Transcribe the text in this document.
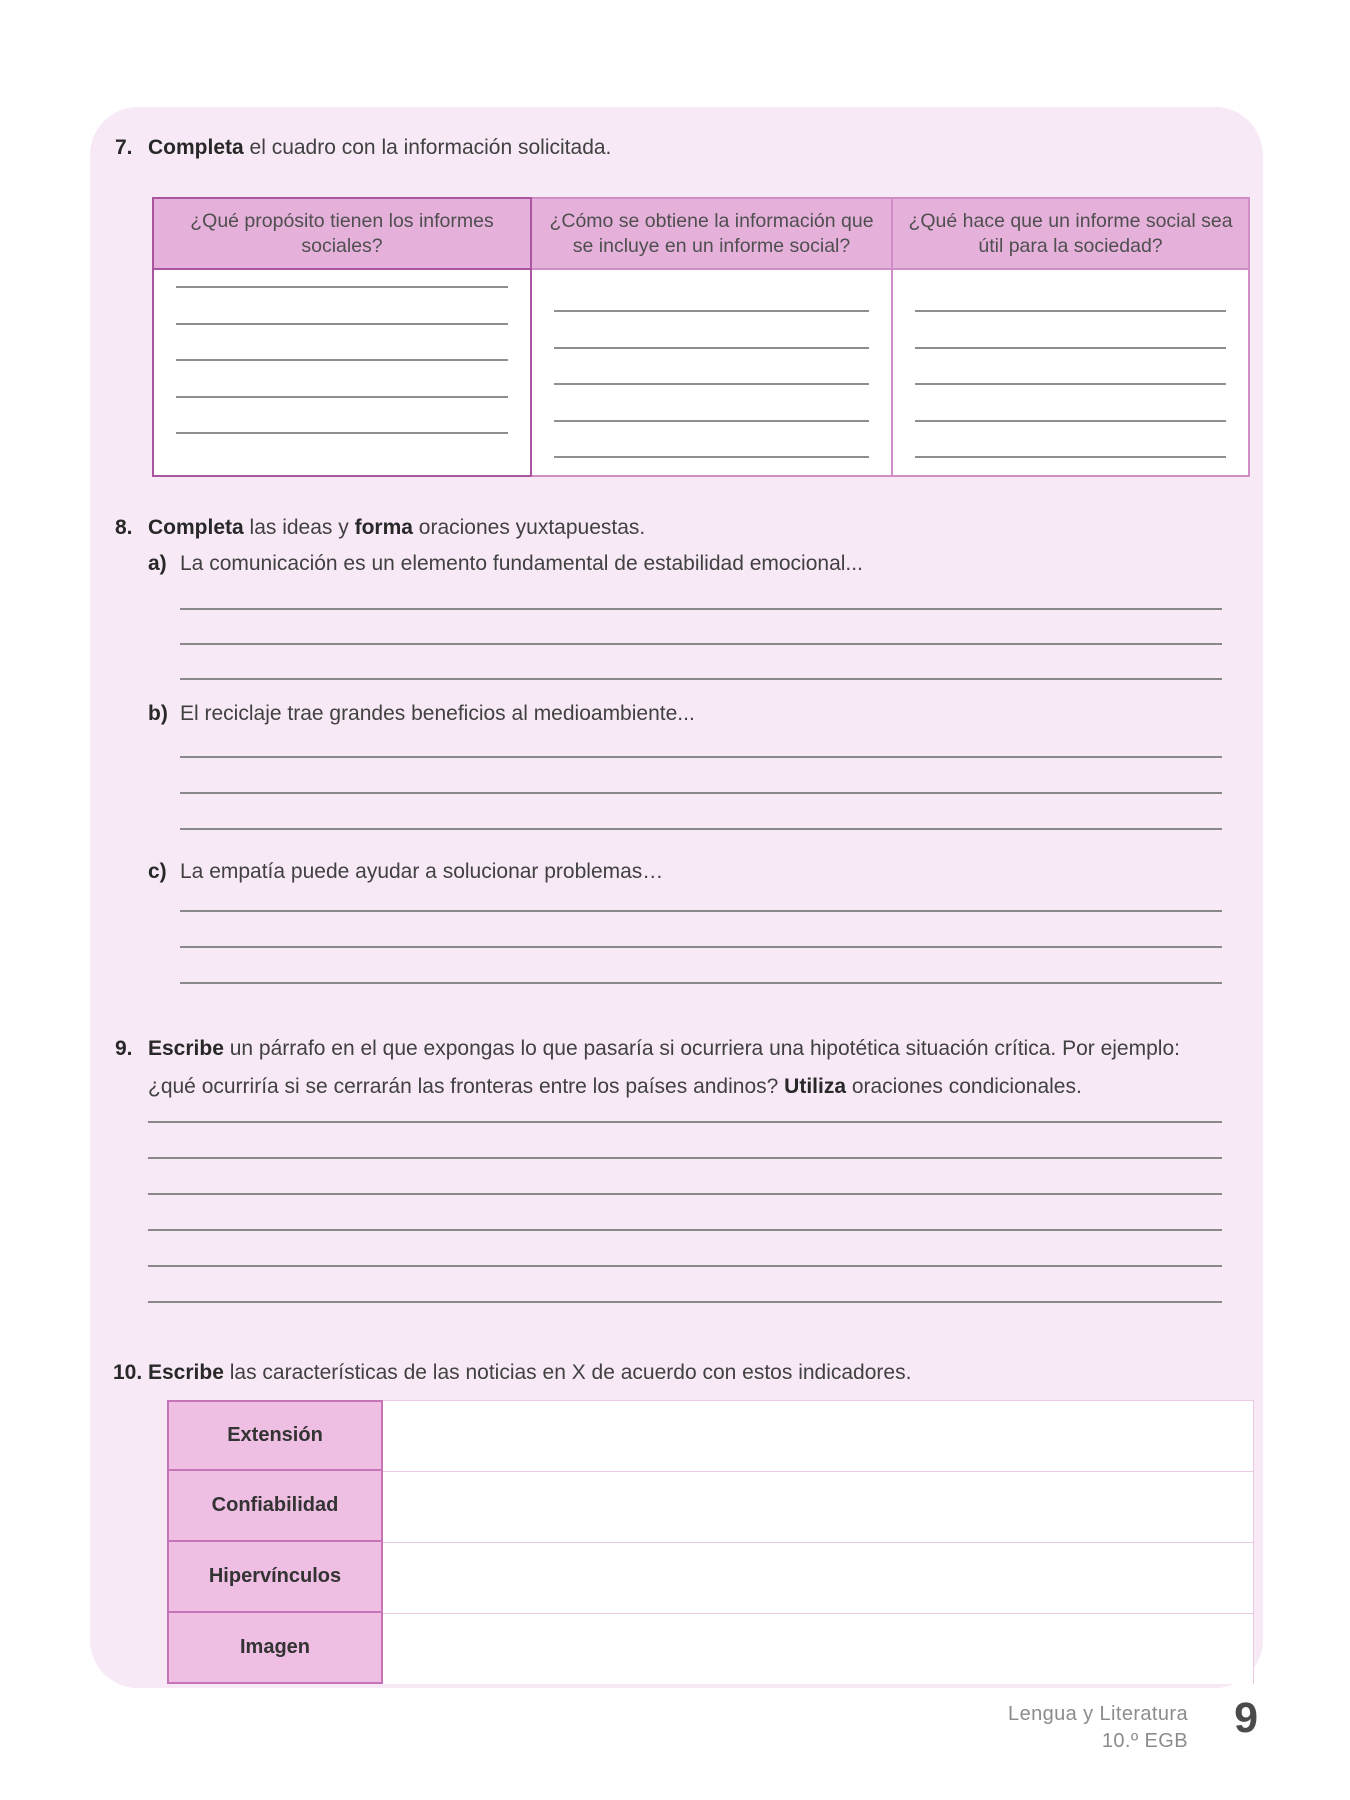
7. Completa el cuadro con la información solicitada.
¿Qué propósito tienen los informes sociales?
¿Cómo se obtiene la información que se incluye en un informe social?
¿Qué hace que un informe social sea útil para la sociedad?
8. Completa las ideas y forma oraciones yuxtapuestas.
a) La comunicación es un elemento fundamental de estabilidad emocional...
b) El reciclaje trae grandes beneficios al medioambiente...
c) La empatía puede ayudar a solucionar problemas…
9. Escribe un párrafo en el que expongas lo que pasaría si ocurriera una hipotética situación crítica. Por ejemplo:
¿qué ocurriría si se cerrarán las fronteras entre los países andinos? Utiliza oraciones condicionales.
10. Escribe las características de las noticias en X de acuerdo con estos indicadores.
Extensión
Confiabilidad
Hipervínculos
Imagen
Lengua y Literatura
10.º EGB 9
